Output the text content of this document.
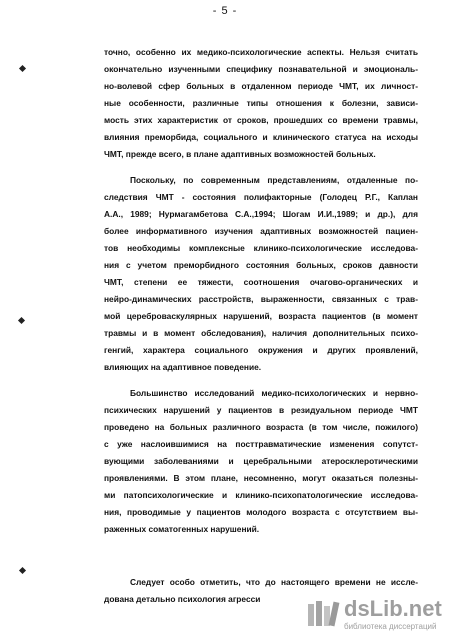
- 5 -
точно, особенно их медико-психологические аспекты. Нельзя считать
окончательно изученными специфику познавательной и эмоциональ-
но-волевой сфер больных в отдаленном периоде ЧМТ, их личност-
ные особенности, различные типы отношения к болезни, зависи-
мость этих характеристик от сроков, прошедших со времени травмы,
влияния преморбида, социального и клинического статуса на исходы
ЧМТ, прежде всего, в плане адаптивных возможностей больных.
Поскольку, по современным представлениям, отдаленные по-
следствия ЧМТ - состояния полифакторные (Голодец Р.Г., Каплан
А.А., 1989; Нурмагамбетова С.А.,1994; Шогам И.И.,1989; и др.), для
более информативного изучения адаптивных возможностей пациен-
тов необходимы комплексные клинико-психологические исследова-
ния с учетом преморбидного состояния больных, сроков давности
ЧМТ, степени ее тяжести, соотношения очагово-органических и
нейро-динамических расстройств, выраженности, связанных с трав-
мой цереброваскулярных нарушений, возраста пациентов (в момент
травмы и в момент обследования), наличия дополнительных психо-
генгий, характера социального окружения и других проявлений,
влияющих на адаптивное поведение.
Большинство исследований медико-психологических и нервно-
психических нарушений у пациентов в резидуальном периоде ЧМТ
проведено на больных различного возраста (в том числе, пожилого)
с уже наслоившимися на посттравматические изменения сопутст-
вующими заболеваниями и церебральными атеросклеротическими
проявлениями. В этом плане, несомненно, могут оказаться полезны-
ми патопсихологические и клинико-психопатологические исследова-
ния, проводимые у пациентов молодого возраста с отсутствием вы-
раженных соматогенных нарушений.
Следует особо отметить, что до настоящего времени не иссле-
дована детально психология агресси	dsLib.net
библиотека диссертаций
